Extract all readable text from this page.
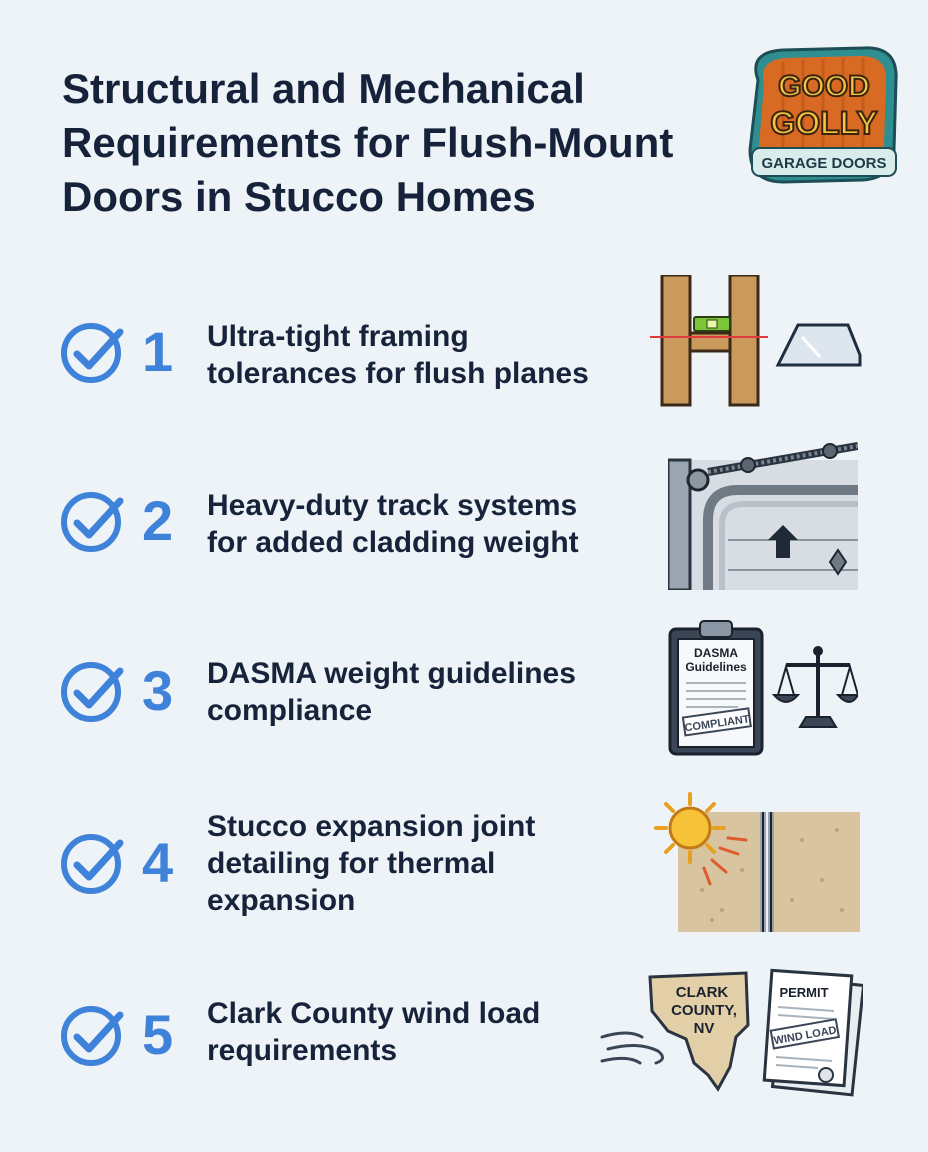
Structural and Mechanical
Requirements for Flush-Mount
Doors in Stucco Homes
GOOD
GOLLY
GARAGE DOORS
1	Ultra-tight framing
tolerances for flush planes
2	Heavy-duty track systems
for added cladding weight
3	DASMA weight guidelines
compliance
DASMA
Guidelines
COMPLIANT
4
Stucco expansion joint
detailing for thermal
expansion
5	Clark County wind load
requirements
CLARK
COUNTY,
NV
PERMIT
WIND LOAD
